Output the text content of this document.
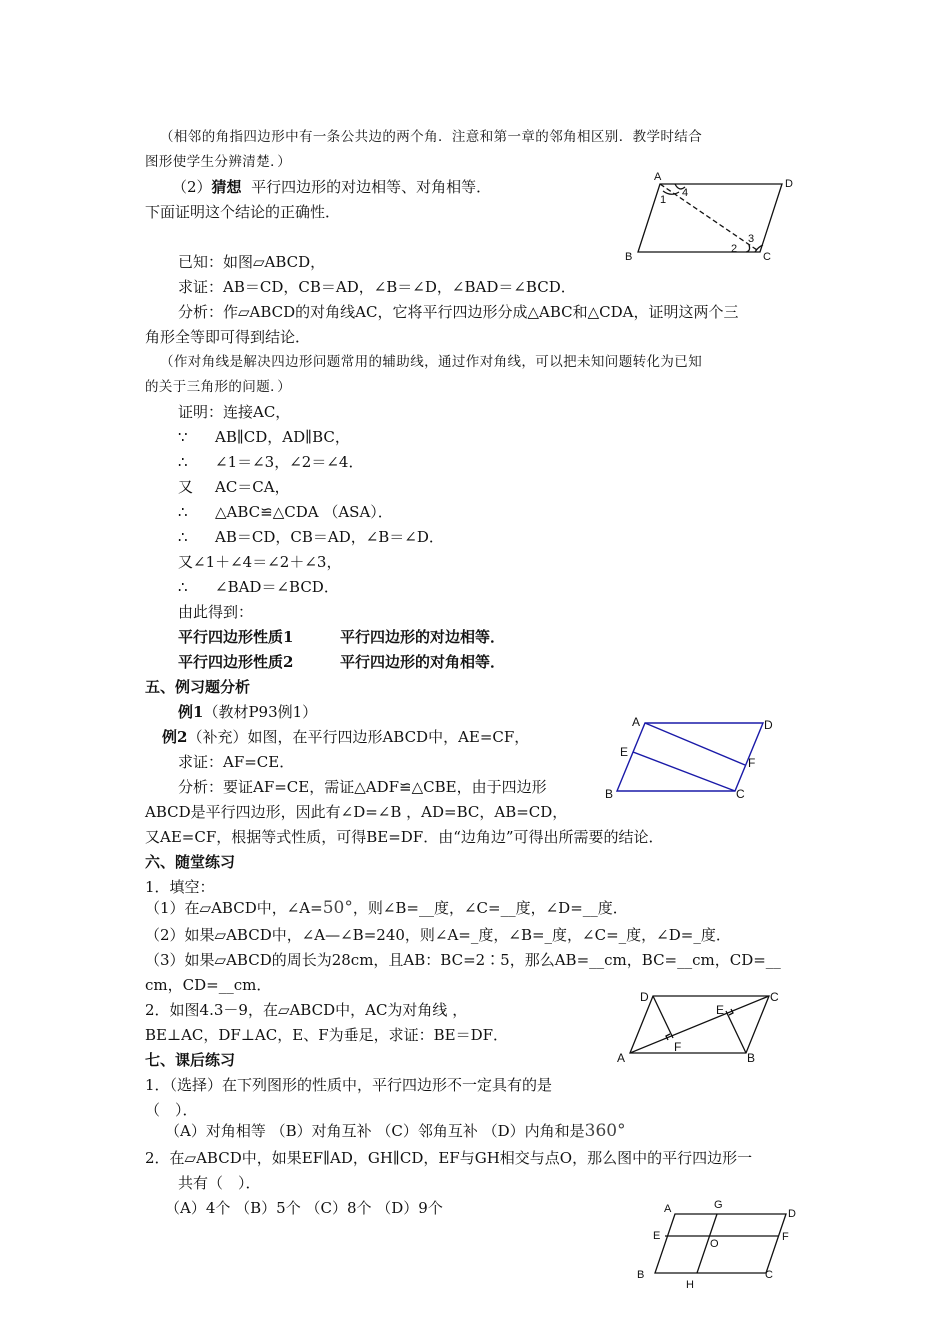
（相邻的角指四边形中有一条公共边的两个角．注意和第一章的邻角相区别．教学时结合
图形使学生分辨清楚．）
（2）猜想 平行四边形的对边相等、对角相等．
下面证明这个结论的正确性．
已知：如图▱ABCD，
求证：AB＝CD，CB＝AD，∠B＝∠D，∠BAD＝∠BCD．
分析：作▱ABCD的对角线AC，它将平行四边形分成△ABC和△CDA，证明这两个三
角形全等即可得到结论．
（作对角线是解决四边形问题常用的辅助线，通过作对角线，可以把未知问题转化为已知
的关于三角形的问题．）
证明：连接AC，
∵ AB∥CD，AD∥BC，
∴ ∠1＝∠3，∠2＝∠4．
又 AC＝CA，
∴ △ABC≌△CDA （ASA）．
∴ AB＝CD，CB＝AD，∠B＝∠D．
又∠1＋∠4＝∠2＋∠3，
∴ ∠BAD＝∠BCD．
由此得到：
平行四边形性质1	平行四边形的对边相等．
平行四边形性质2	平行四边形的对角相等．
五、例习题分析
例1（教材P93例1）
例2（补充）如图，在平行四边形ABCD中，AE=CF，
求证：AF=CE．
分析：要证AF=CE，需证△ADF≌△CBE，由于四边形
ABCD是平行四边形，因此有∠D=∠B ，AD=BC，AB=CD，
又AE=CF，根据等式性质，可得BE=DF．由“边角边”可得出所需要的结论．
六、随堂练习
1．填空：
（1）在▱ABCD中，∠A=50°，则∠B=__度，∠C=__度，∠D=__度．
（2）如果▱ABCD中，∠A—∠B=240，则∠A=_度，∠B=_度，∠C=_度，∠D=_度．
（3）如果▱ABCD的周长为28cm，且AB：BC=2∶5，那么AB=__cm，BC=__cm，CD=__
cm，CD=__cm．
2．如图4.3－9，在▱ABCD中，AC为对角线 ，
BE⊥AC，DF⊥AC，E、F为垂足，求证：BE＝DF．
七、课后练习
1．（选择）在下列图形的性质中，平行四边形不一定具有的是
（　）．
（A）对角相等 （B）对角互补 （C）邻角互补 （D）内角和是360°
2．在▱ABCD中，如果EF∥AD，GH∥CD，EF与GH相交与点O，那么图中的平行四边形一
共有（　）．
（A）4个 （B）5个 （C）8个 （D）9个
A
D
B	C
1
4
2
3
A	D
E
F
B	C
D	C
A	B
E
F
A	G
D
E
O
F
B
H
C
